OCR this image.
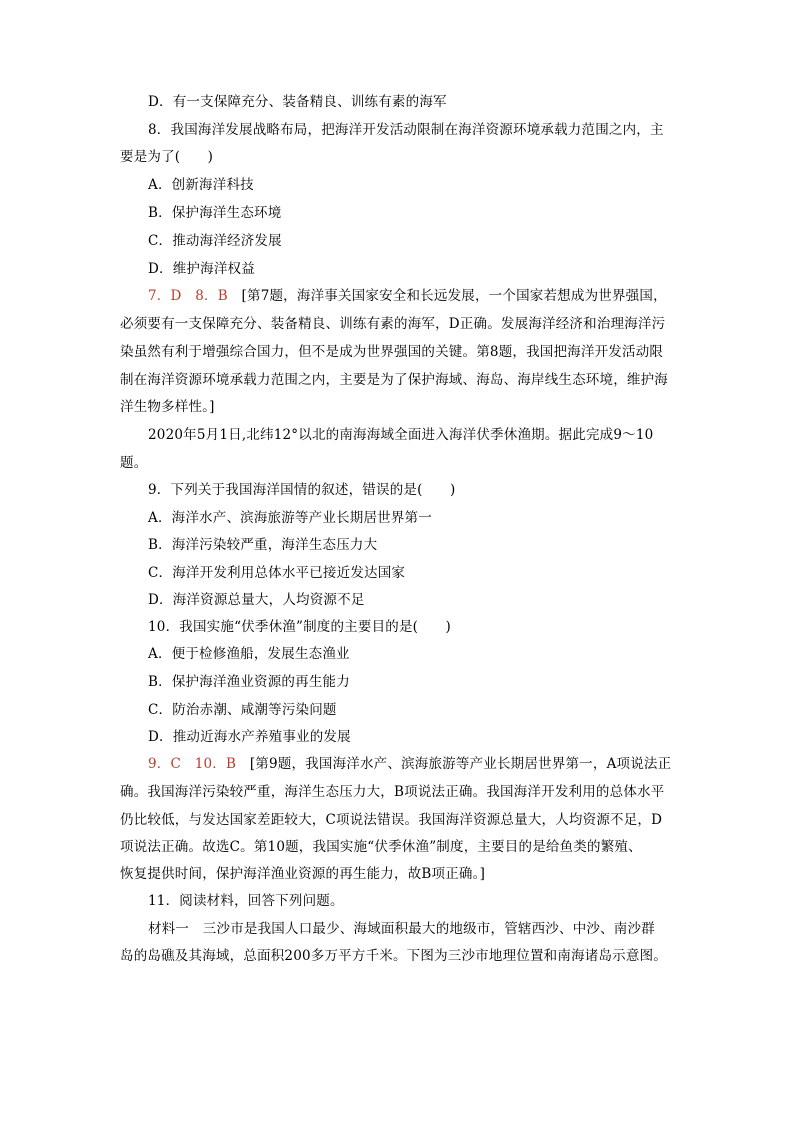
D．有一支保障充分、装备精良、训练有素的海军
8．我国海洋发展战略布局，把海洋开发活动限制在海洋资源环境承载力范围之内，主
要是为了(　　)
A．创新海洋科技
B．保护海洋生态环境
C．推动海洋经济发展
D．维护海洋权益
7．D　8．B　 [第7题，海洋事关国家安全和长远发展，一个国家若想成为世界强国，
必须要有一支保障充分、装备精良、训练有素的海军，D正确。发展海洋经济和治理海洋污
染虽然有利于增强综合国力，但不是成为世界强国的关键。第8题，我国把海洋开发活动限
制在海洋资源环境承载力范围之内，主要是为了保护海域、海岛、海岸线生态环境，维护海
洋生物多样性。]
2020年5月1日,北纬12°以北的南海海域全面进入海洋伏季休渔期。据此完成9～10
题。
9．下列关于我国海洋国情的叙述，错误的是(　　)
A．海洋水产、滨海旅游等产业长期居世界第一
B．海洋污染较严重，海洋生态压力大
C．海洋开发利用总体水平已接近发达国家
D．海洋资源总量大，人均资源不足
10．我国实施“伏季休渔”制度的主要目的是(　　)
A．便于检修渔船，发展生态渔业
B．保护海洋渔业资源的再生能力
C．防治赤潮、咸潮等污染问题
D．推动近海水产养殖事业的发展
9．C　10．B　 [第9题，我国海洋水产、滨海旅游等产业长期居世界第一，A项说法正
确。我国海洋污染较严重，海洋生态压力大，B项说法正确。我国海洋开发利用的总体水平
仍比较低，与发达国家差距较大，C项说法错误。我国海洋资源总量大，人均资源不足，D
项说法正确。故选C。第10题，我国实施“伏季休渔”制度，主要目的是给鱼类的繁殖、
恢复提供时间，保护海洋渔业资源的再生能力，故B项正确。]
11．阅读材料，回答下列问题。
材料一　三沙市是我国人口最少、海域面积最大的地级市，管辖西沙、中沙、南沙群
岛的岛礁及其海域，总面积200多万平方千米。下图为三沙市地理位置和南海诸岛示意图。
